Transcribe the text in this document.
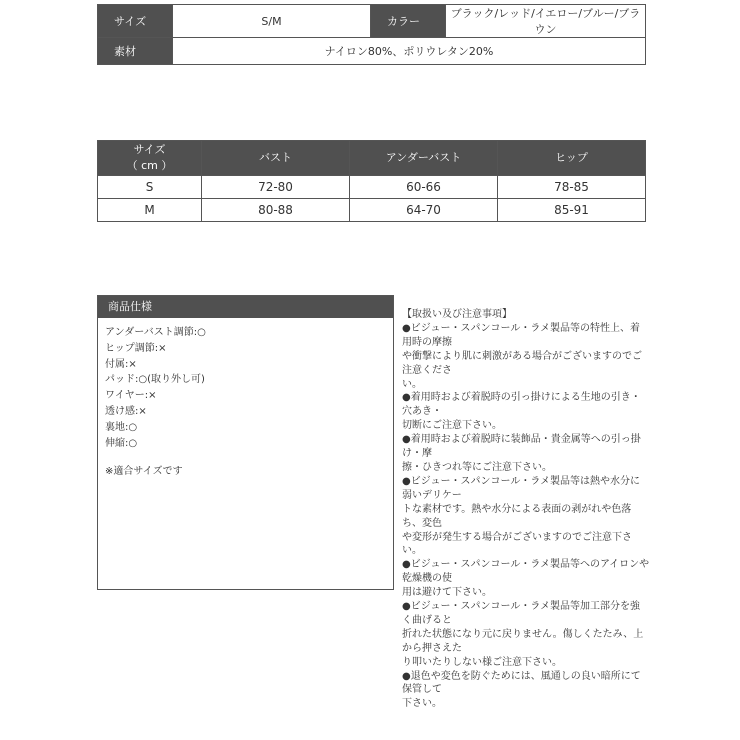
サイズ	S/M	カラー	ブラック/レッド/イエロー/ブルー/ブラウン
素材	ナイロン80%、ポリウレタン20%		
サイズ
（ cm ）	バスト	アンダーバスト	ヒップ
S	72-80	60-66	78-85
M	80-88	64-70	85-91
商品仕様
アンダーバスト調節:○
ヒップ調節:×
付属:×
パッド:○(取り外し可)
ワイヤー:×
透け感:×
裏地:○
伸縮:○
※適合サイズです
【取扱い及び注意事項】
●ビジュー・スパンコール・ラメ製品等の特性上、着用時の摩擦
や衝撃により肌に刺激がある場合がございますのでご注意くださ
い。
●着用時および着脱時の引っ掛けによる生地の引き・穴あき・
切断にご注意下さい。
●着用時および着脱時に装飾品・貴金属等への引っ掛け・摩
擦・ひきつれ等にご注意下さい。
●ビジュー・スパンコール・ラメ製品等は熱や水分に弱いデリケー
トな素材です。熱や水分による表面の剥がれや色落ち、変色
や変形が発生する場合がございますのでご注意下さい。
●ビジュー・スパンコール・ラメ製品等へのアイロンや乾燥機の使
用は避けて下さい。
●ビジュー・スパンコール・ラメ製品等加工部分を強く曲げると
折れた状態になり元に戻りません。傷しくたたみ、上から押さえた
り叩いたりしない様ご注意下さい。
●退色や変色を防ぐためには、風通しの良い暗所にて保管して
下さい。
